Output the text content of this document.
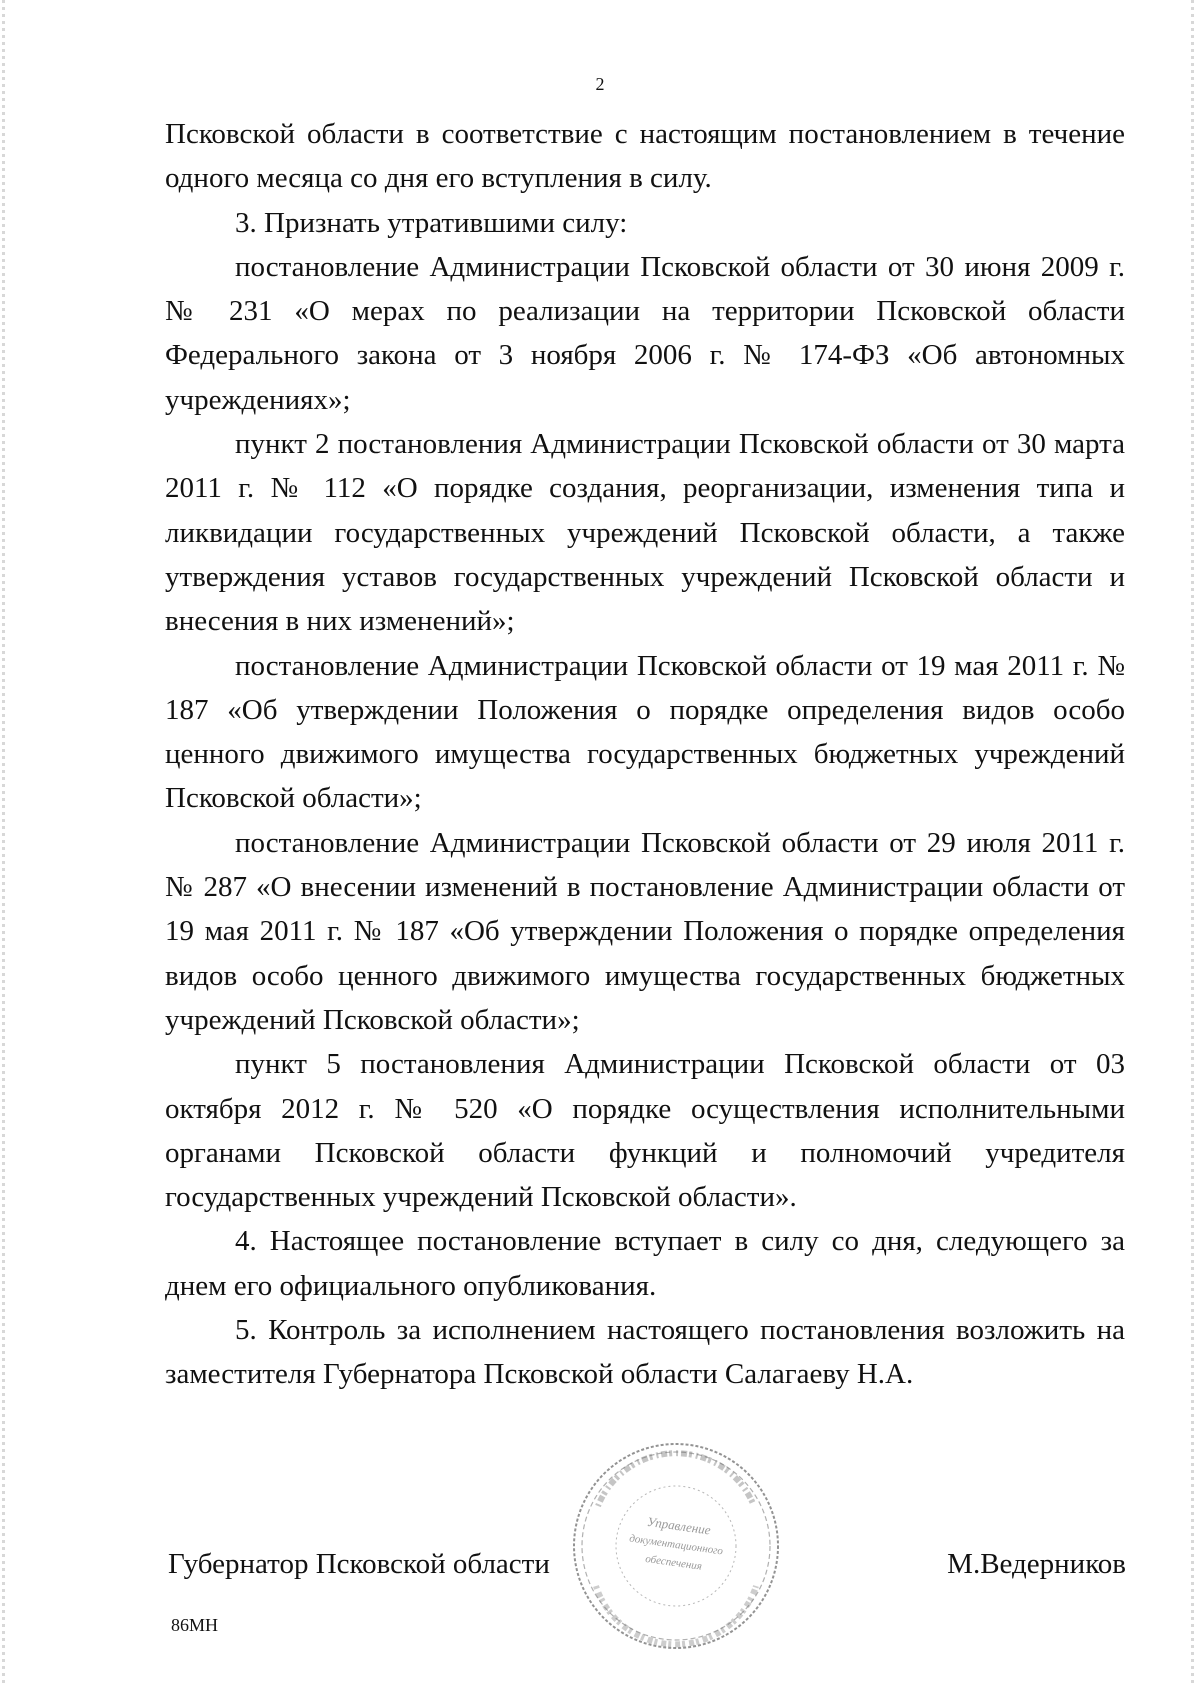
2

Псковской области в соответствие с настоящим постановлением в течение одного месяца со дня его вступления в силу.

3. Признать утратившими силу:

постановление Администрации Псковской области от 30 июня 2009 г. № 231 «О мерах по реализации на территории Псковской области Федерального закона от 3 ноября 2006 г. № 174-ФЗ «Об автономных учреждениях»;

пункт 2 постановления Администрации Псковской области от 30 марта 2011 г. № 112 «О порядке создания, реорганизации, изменения типа и ликвидации государственных учреждений Псковской области, а также утверждения уставов государственных учреждений Псковской области и внесения в них изменений»;

постановление Администрации Псковской области от 19 мая 2011 г. № 187 «Об утверждении Положения о порядке определения видов особо ценного движимого имущества государственных бюджетных учреждений Псковской области»;

постановление Администрации Псковской области от 29 июля 2011 г. № 287 «О внесении изменений в постановление Администрации области от 19 мая 2011 г. № 187 «Об утверждении Положения о порядке определения видов особо ценного движимого имущества государственных бюджетных учреждений Псковской области»;

пункт 5 постановления Администрации Псковской области от 03 октября 2012 г. № 520 «О порядке осуществления исполнительными органами Псковской области функций и полномочий учредителя государственных учреждений Псковской области».

4. Настоящее постановление вступает в силу со дня, следующего за днем его официального опубликования.

5. Контроль за исполнением настоящего постановления возложить на заместителя Губернатора Псковской области Салагаеву Н.А.

Управление
документационного
обеспечения
Губернатор Псковской области	М.Ведерников
86МН
